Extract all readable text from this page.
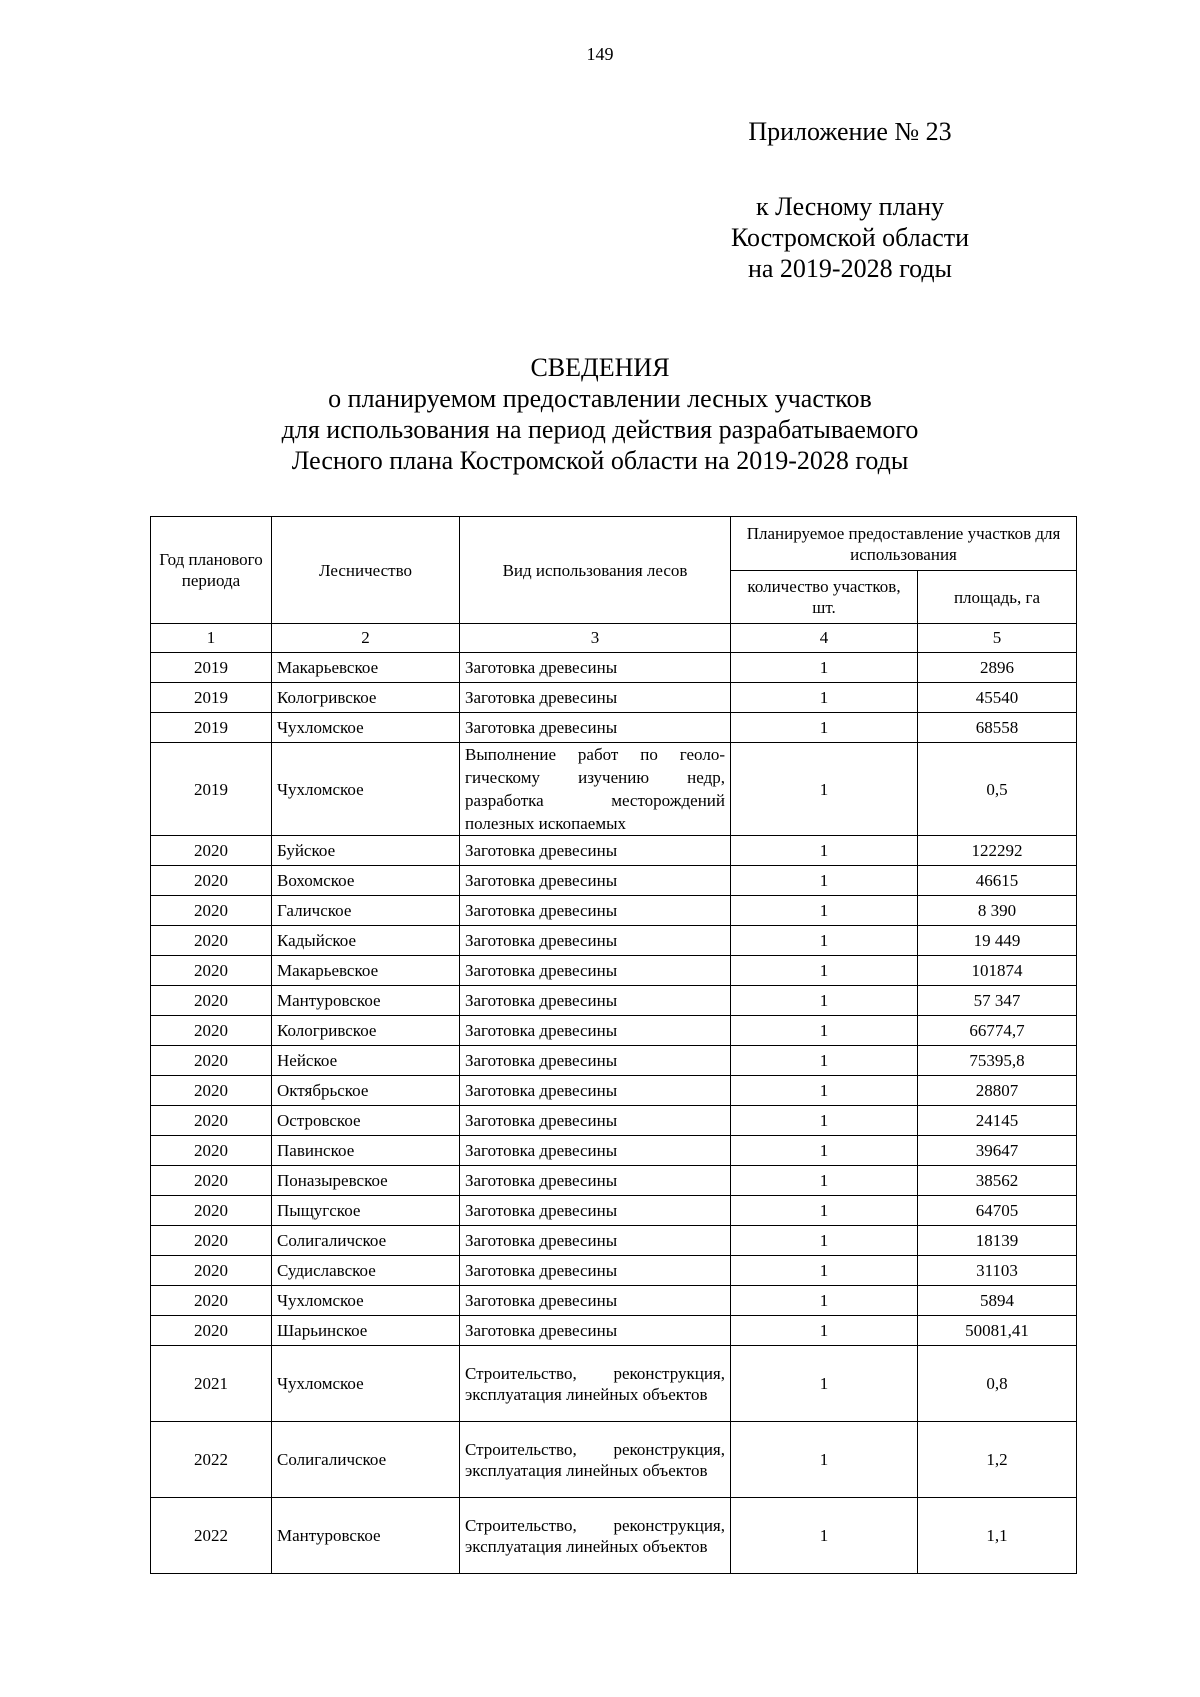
149
Приложение № 23
к Лесному плану
Костромской области
на 2019-2028 годы
СВЕДЕНИЯ
о планируемом предоставлении лесных участков
для использования на период действия разрабатываемого
Лесного плана Костромской области на 2019-2028 годы
Год планового периода	Лесничество	Вид использования лесов	Планируемое предоставление участков для использования	
			количество участков, шт.	площадь, га
1	2	3	4	5
2019	Макарьевское	Заготовка древесины	1	2896
2019	Кологривское	Заготовка древесины	1	45540
2019	Чухломское	Заготовка древесины	1	68558
2019	Чухломское	Выполнение работ по геологическому изучению недр, разработка месторождений полезных ископаемых	1	0,5
2020	Буйское	Заготовка древесины	1	122292
2020	Вохомское	Заготовка древесины	1	46615
2020	Галичское	Заготовка древесины	1	8 390
2020	Кадыйское	Заготовка древесины	1	19 449
2020	Макарьевское	Заготовка древесины	1	101874
2020	Мантуровское	Заготовка древесины	1	57 347
2020	Кологривское	Заготовка древесины	1	66774,7
2020	Нейское	Заготовка древесины	1	75395,8
2020	Октябрьское	Заготовка древесины	1	28807
2020	Островское	Заготовка древесины	1	24145
2020	Павинское	Заготовка древесины	1	39647
2020	Поназыревское	Заготовка древесины	1	38562
2020	Пыщугское	Заготовка древесины	1	64705
2020	Солигаличское	Заготовка древесины	1	18139
2020	Судиславское	Заготовка древесины	1	31103
2020	Чухломское	Заготовка древесины	1	5894
2020	Шарьинское	Заготовка древесины	1	50081,41
2021	Чухломское	Строительство, реконструкция, эксплуатация линейных объектов	1	0,8
2022	Солигаличское	Строительство, реконструкция, эксплуатация линейных объектов	1	1,2
2022	Мантуровское	Строительство, реконструкция, эксплуатация линейных объектов	1	1,1
